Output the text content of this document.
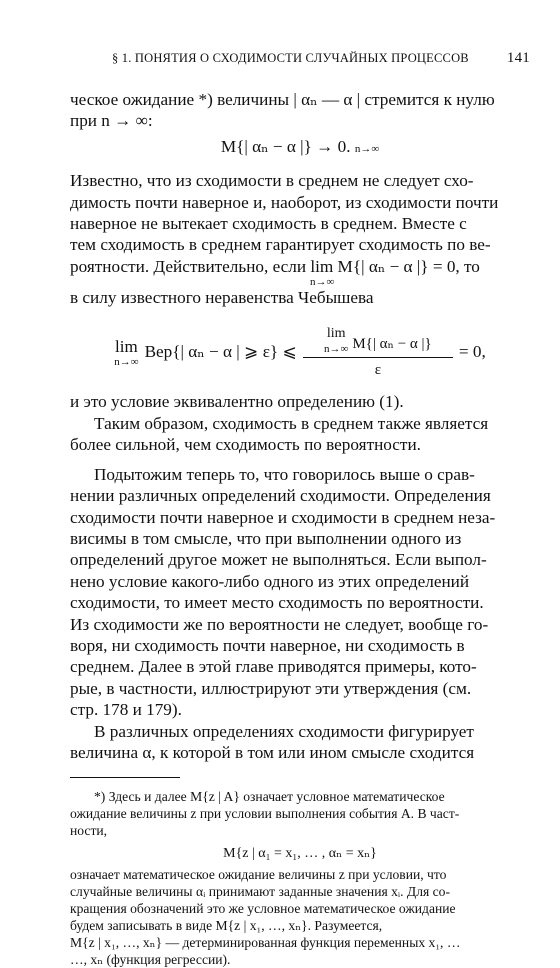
§ 1. ПОНЯТИЯ О СХОДИМОСТИ СЛУЧАЙНЫХ ПРОЦЕССОВ	141

ческое ожидание *) величины | αₙ — α | стремится к нулю

при n → ∞:

M{| αₙ − α |} → 0. n→∞

Известно, что из сходимости в среднем не следует схо-

димость почти наверное и, наоборот, из сходимости почти

наверное не вытекает сходимость в среднем. Вместе с

тем сходимость в среднем гарантирует сходимость по ве-

роятности. Действительно, если lim M{| αₙ − α |} = 0, то

n→∞

в силу известного неравенства Чебышева

lim
n→∞
Вер{| αₙ − α | ⩾ ε} ⩽ lim
n→∞ M{| αₙ − α |}
ε = 0,

и это условие эквивалентно определению (1).

Таким образом, сходимость в среднем также является

более сильной, чем сходимость по вероятности.

Подытожим теперь то, что говорилось выше о срав-

нении различных определений сходимости. Определения

сходимости почти наверное и сходимости в среднем неза-

висимы в том смысле, что при выполнении одного из

определений другое может не выполняться. Если выпол-

нено условие какого-либо одного из этих определений

сходимости, то имеет место сходимость по вероятности.

Из сходимости же по вероятности не следует, вообще го-

воря, ни сходимость почти наверное, ни сходимость в

среднем. Далее в этой главе приводятся примеры, кото-

рые, в частности, иллюстрируют эти утверждения (см.

стр. 178 и 179).

В различных определениях сходимости фигурирует

величина α, к которой в том или ином смысле сходится

*) Здесь и далее M{z | A} означает условное математическое

ожидание величины z при условии выполнения события A. В част-

ности,

M{z | α₁ = x₁, … , αₙ = xₙ}

означает математическое ожидание величины z при условии, что

случайные величины αᵢ принимают заданные значения xᵢ. Для со-

кращения обозначений это же условное математическое ожидание

будем записывать в виде M{z | x₁, …, xₙ}. Разумеется,

M{z | x₁, …, xₙ} — детерминированная функция переменных x₁, …

…, xₙ (функция регрессии).
